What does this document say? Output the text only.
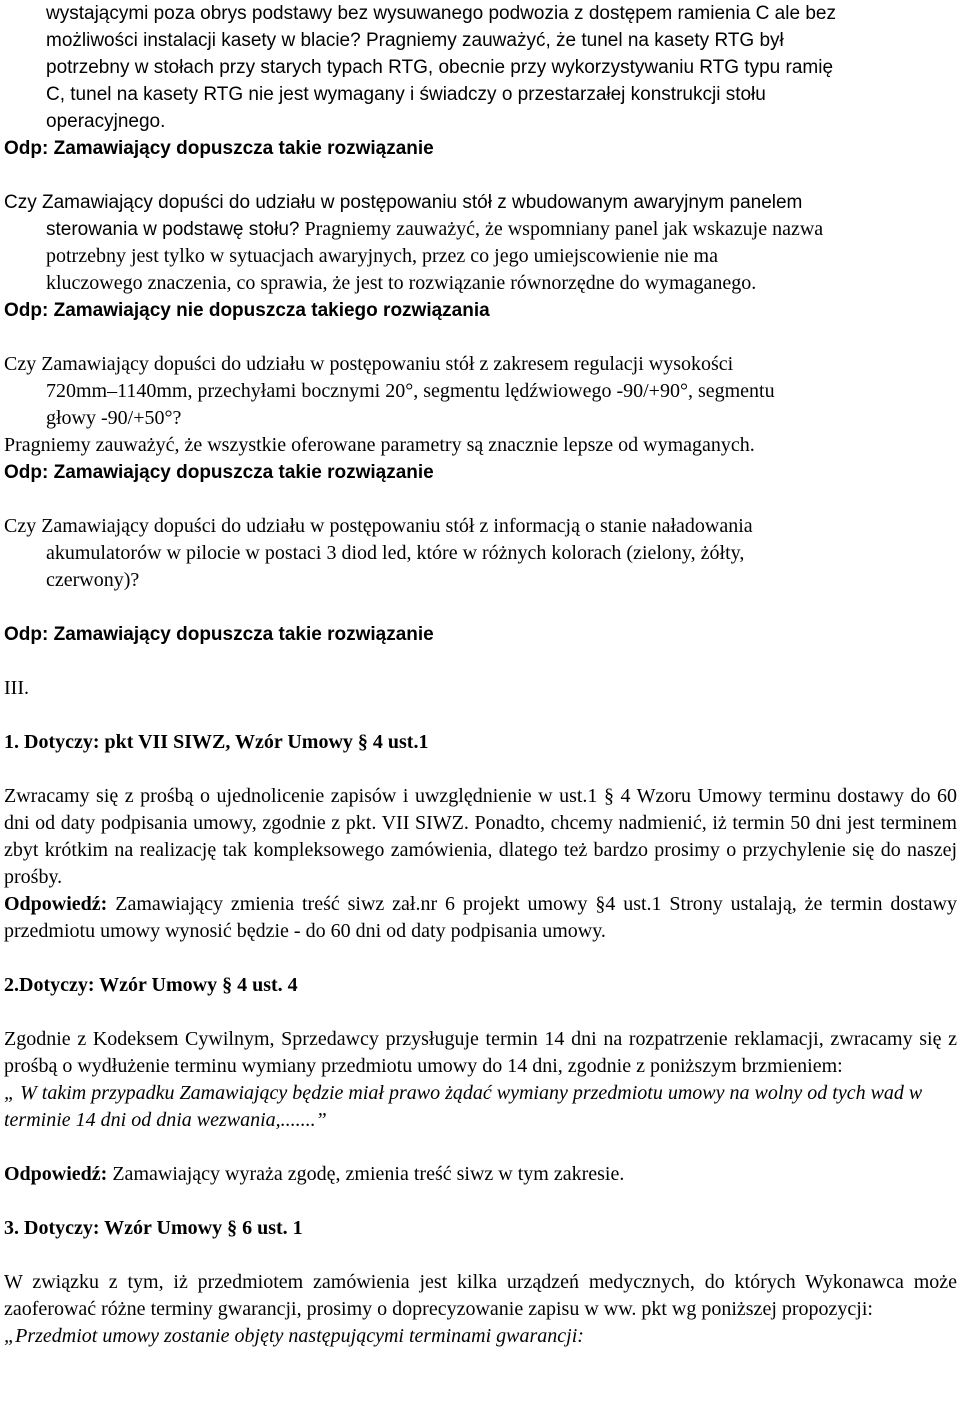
wystającymi poza obrys podstawy bez wysuwanego podwozia z dostępem ramienia C ale bez

możliwości instalacji kasety w blacie? Pragniemy zauważyć, że tunel na kasety RTG był

potrzebny w stołach przy starych typach RTG, obecnie przy wykorzystywaniu RTG typu ramię

C, tunel na kasety RTG nie jest wymagany i świadczy o przestarzałej konstrukcji stołu

operacyjnego.

Odp: Zamawiający dopuszcza takie rozwiązanie

Czy Zamawiający dopuści do udziału w postępowaniu stół z wbudowanym awaryjnym panelem

sterowania w podstawę stołu? Pragniemy zauważyć, że wspomniany panel jak wskazuje nazwa

potrzebny jest tylko w sytuacjach awaryjnych, przez co jego umiejscowienie nie ma

kluczowego znaczenia, co sprawia, że jest to rozwiązanie równorzędne do wymaganego.

Odp: Zamawiający nie dopuszcza takiego rozwiązania

Czy Zamawiający dopuści do udziału w postępowaniu stół z zakresem regulacji wysokości

720mm–1140mm, przechyłami bocznymi 20°, segmentu lędźwiowego -90/+90°, segmentu

głowy -90/+50°?

Pragniemy zauważyć, że wszystkie oferowane parametry są znacznie lepsze od wymaganych.

Odp: Zamawiający dopuszcza takie rozwiązanie

Czy Zamawiający dopuści do udziału w postępowaniu stół z informacją o stanie naładowania

akumulatorów w pilocie w postaci 3 diod led, które w różnych kolorach (zielony, żółty,

czerwony)?

Odp: Zamawiający dopuszcza takie rozwiązanie

III.

1. Dotyczy: pkt VII SIWZ, Wzór Umowy § 4 ust.1

Zwracamy się z prośbą o ujednolicenie zapisów i uwzględnienie w ust.1 § 4 Wzoru Umowy terminu dostawy do 60 dni od daty podpisania umowy, zgodnie z pkt. VII SIWZ. Ponadto, chcemy nadmienić, iż termin 50 dni jest terminem zbyt krótkim na realizację tak kompleksowego zamówienia, dlatego też bardzo prosimy o przychylenie się do naszej prośby.

Odpowiedź: Zamawiający zmienia treść siwz zał.nr 6 projekt umowy §4 ust.1 Strony ustalają, że termin dostawy przedmiotu umowy wynosić będzie - do 60 dni od daty podpisania umowy.

2.Dotyczy: Wzór Umowy § 4 ust. 4

Zgodnie z Kodeksem Cywilnym, Sprzedawcy przysługuje termin 14 dni na rozpatrzenie reklamacji, zwracamy się z prośbą o wydłużenie terminu wymiany przedmiotu umowy do 14 dni, zgodnie z poniższym brzmieniem:

„ W takim przypadku Zamawiający będzie miał prawo żądać wymiany przedmiotu umowy na wolny od tych wad w terminie 14 dni od dnia wezwania,.......”

Odpowiedź: Zamawiający wyraża zgodę, zmienia treść siwz w tym zakresie.

3. Dotyczy: Wzór Umowy § 6 ust. 1

W związku z tym, iż przedmiotem zamówienia jest kilka urządzeń medycznych, do których Wykonawca może zaoferować różne terminy gwarancji, prosimy o doprecyzowanie zapisu w ww. pkt wg poniższej propozycji:

„Przedmiot umowy zostanie objęty następującymi terminami gwarancji:
